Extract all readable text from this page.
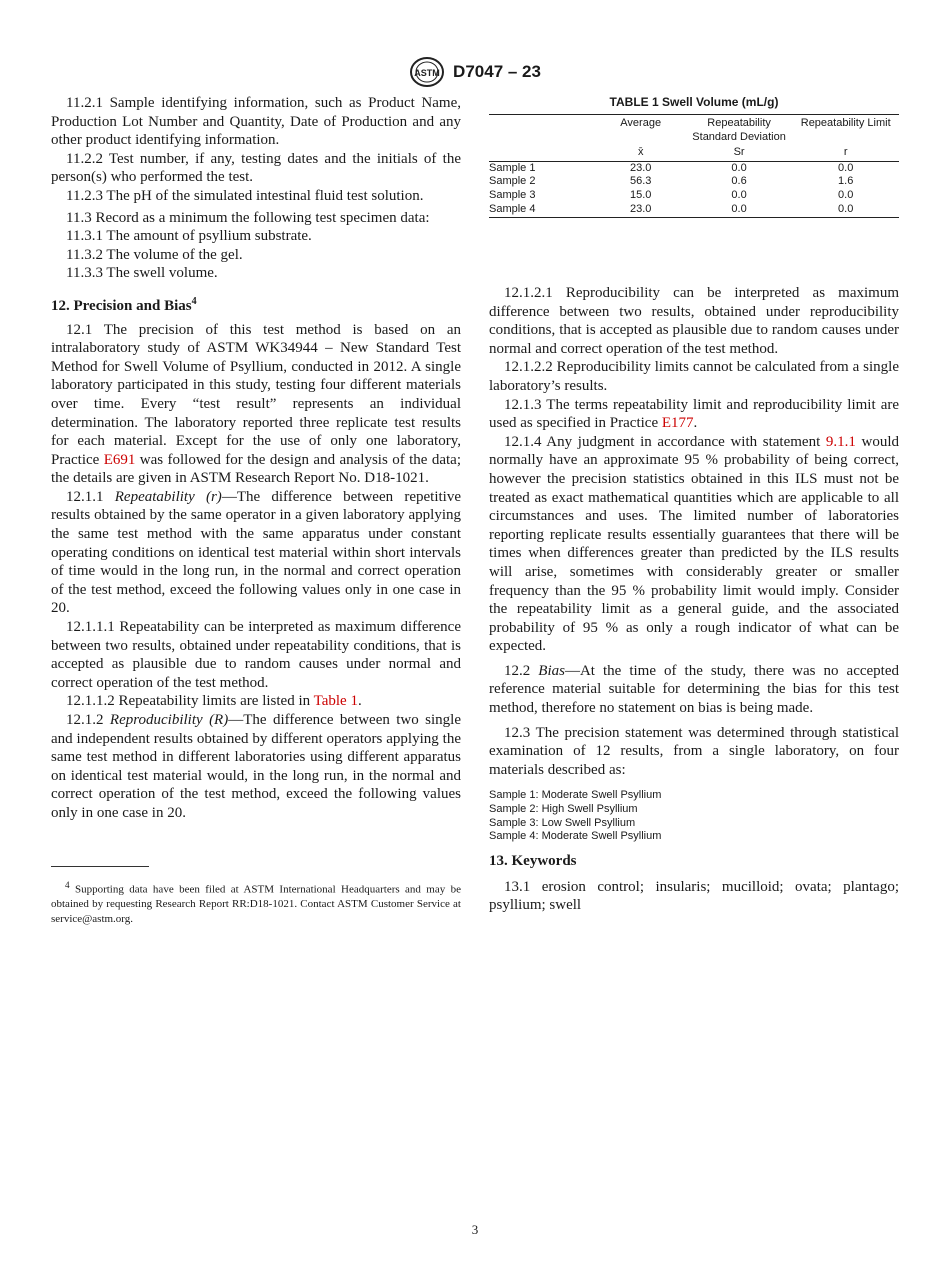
ASTM D7047 – 23

11.2.1 Sample identifying information, such as Product Name, Production Lot Number and Quantity, Date of Production and any other product identifying information.

11.2.2 Test number, if any, testing dates and the initials of the person(s) who performed the test.

11.2.3 The pH of the simulated intestinal fluid test solution.

11.3 Record as a minimum the following test specimen data:

11.3.1 The amount of psyllium substrate.

11.3.2 The volume of the gel.

11.3.3 The swell volume.

12. Precision and Bias$^4$

12.1 The precision of this test method is based on an intralaboratory study of ASTM WK34944 – New Standard Test Method for Swell Volume of Psyllium, conducted in 2012. A single laboratory participated in this study, testing four different materials over time. Every “test result” represents an individual determination. The laboratory reported three replicate test results for each material. Except for the use of only one laboratory, Practice E691 was followed for the design and analysis of the data; the details are given in ASTM Research Report No. D18-1021.

12.1.1 Repeatability (r)—The difference between repetitive results obtained by the same operator in a given laboratory applying the same test method with the same apparatus under constant operating conditions on identical test material within short intervals of time would in the long run, in the normal and correct operation of the test method, exceed the following values only in one case in 20.

12.1.1.1 Repeatability can be interpreted as maximum difference between two results, obtained under repeatability conditions, that is accepted as plausible due to random causes under normal and correct operation of the test method.

12.1.1.2 Repeatability limits are listed in Table 1.

12.1.2 Reproducibility (R)—The difference between two single and independent results obtained by different operators applying the same test method in different laboratories using different apparatus on identical test material would, in the long run, in the normal and correct operation of the test method, exceed the following values only in one case in 20.

$^4$ Supporting data have been filed at ASTM International Headquarters and may be obtained by requesting Research Report RR:D18-1021. Contact ASTM Customer Service at service@astm.org.

TABLE 1 Swell Volume (mL/g)
	Average	Repeatability Standard Deviation	Repeatability Limit
	x̄	Sr	r
Sample 1	23.0	0.0	0.0
Sample 2	56.3	0.6	1.6
Sample 3	15.0	0.0	0.0
Sample 4	23.0	0.0	0.0

12.1.2.1 Reproducibility can be interpreted as maximum difference between two results, obtained under reproducibility conditions, that is accepted as plausible due to random causes under normal and correct operation of the test method.

12.1.2.2 Reproducibility limits cannot be calculated from a single laboratory’s results.

12.1.3 The terms repeatability limit and reproducibility limit are used as specified in Practice E177.

12.1.4 Any judgment in accordance with statement 9.1.1 would normally have an approximate 95 % probability of being correct, however the precision statistics obtained in this ILS must not be treated as exact mathematical quantities which are applicable to all circumstances and uses. The limited number of laboratories reporting replicate results essentially guarantees that there will be times when differences greater than predicted by the ILS results will arise, sometimes with considerably greater or smaller frequency than the 95 % probability limit would imply. Consider the repeatability limit as a general guide, and the associated probability of 95 % as only a rough indicator of what can be expected.

12.2 Bias—At the time of the study, there was no accepted reference material suitable for determining the bias for this test method, therefore no statement on bias is being made.

12.3 The precision statement was determined through statistical examination of 12 results, from a single laboratory, on four materials described as:

Sample 1: Moderate Swell Psyllium
Sample 2: High Swell Psyllium
Sample 3: Low Swell Psyllium
Sample 4: Moderate Swell Psyllium
13. Keywords

13.1 erosion control; insularis; mucilloid; ovata; plantago; psyllium; swell

3
